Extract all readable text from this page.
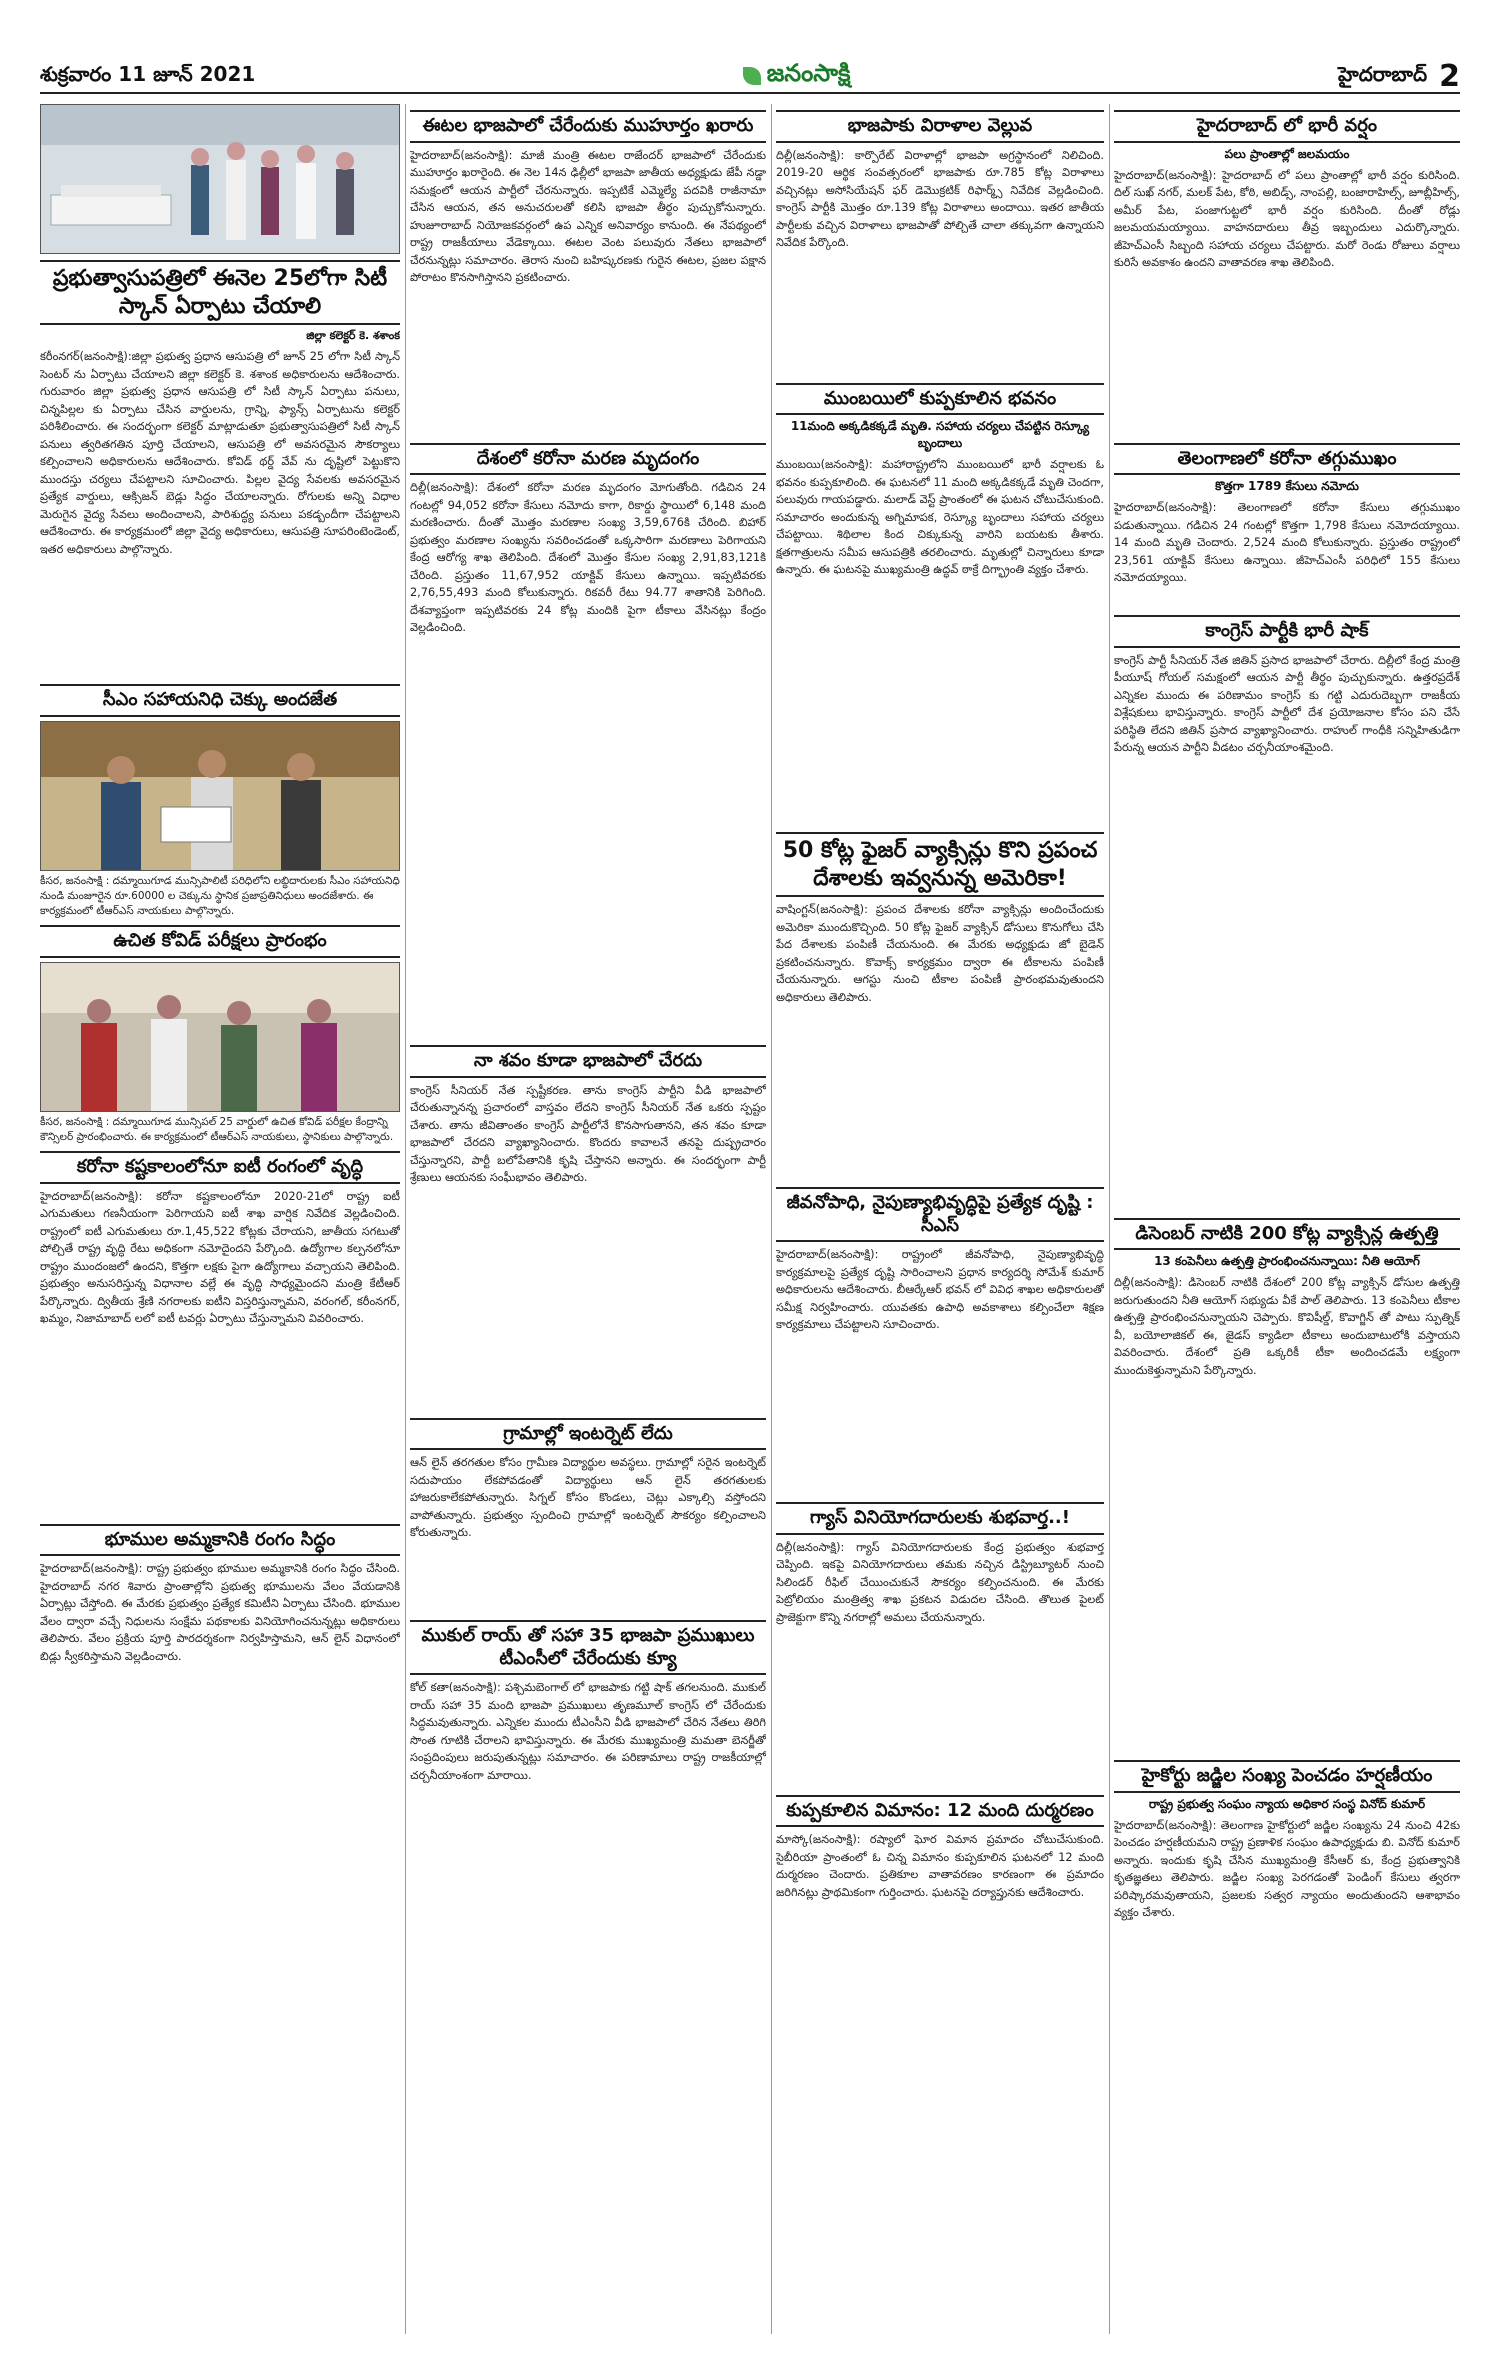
శుక్రవారం 11 జూన్ 2021	జనంసాక్షి	హైదరాబాద్ 2
ప్రభుత్వాసుపత్రిలో ఈనెల 25లోగా సిటీ స్కాన్ ఏర్పాటు చేయాలి
జిల్లా కలెక్టర్ కె. శశాంక
కరీంనగర్(జనంసాక్షి):జిల్లా ప్రభుత్వ ప్రధాన ఆసుపత్రి లో జూన్ 25 లోగా సిటీ స్కాన్ సెంటర్ ను ఏర్పాటు చేయాలని జిల్లా కలెక్టర్ కె. శశాంక అధికారులను ఆదేశించారు. గురువారం జిల్లా ప్రభుత్వ ప్రధాన ఆసుపత్రి లో సిటీ స్కాన్ ఏర్పాటు పనులు, చిన్నపిల్లల కు ఏర్పాటు చేసిన వార్డులను, గ్రాన్ని, ఫ్యాన్స్ ఏర్పాటును కలెక్టర్ పరిశీలించారు. ఈ సందర్భంగా కలెక్టర్ మాట్లాడుతూ ప్రభుత్వాసుపత్రిలో సిటీ స్కాన్ పనులు త్వరితగతిన పూర్తి చేయాలని, ఆసుపత్రి లో అవసరమైన సౌకర్యాలు కల్పించాలని అధికారులను ఆదేశించారు. కోవిడ్ థర్డ్ వేవ్ ను దృష్టిలో పెట్టుకొని ముందస్తు చర్యలు చేపట్టాలని సూచించారు. పిల్లల వైద్య సేవలకు అవసరమైన ప్రత్యేక వార్డులు, ఆక్సిజన్ బెడ్లు సిద్ధం చేయాలన్నారు. రోగులకు అన్ని విధాల మెరుగైన వైద్య సేవలు అందించాలని, పారిశుద్ధ్య పనులు పకడ్బందీగా చేపట్టాలని ఆదేశించారు. ఈ కార్యక్రమంలో జిల్లా వైద్య అధికారులు, ఆసుపత్రి సూపరింటెండెంట్, ఇతర అధికారులు పాల్గొన్నారు.
సీఎం సహాయనిధి చెక్కు అందజేత
కీసర, జనంసాక్షి : దమ్మాయిగూడ మున్సిపాలిటీ పరిధిలోని లబ్ధిదారులకు సీఎం సహాయనిధి నుండి మంజూరైన రూ.60000 ల చెక్కును స్థానిక ప్రజాప్రతినిధులు అందజేశారు. ఈ కార్యక్రమంలో టీఆర్ఎస్ నాయకులు పాల్గొన్నారు.
ఉచిత కోవిడ్ పరీక్షలు ప్రారంభం
కీసర, జనంసాక్షి : దమ్మాయిగూడ మున్సిపల్ 25 వార్డులో ఉచిత కోవిడ్ పరీక్షల కేంద్రాన్ని కౌన్సిలర్ ప్రారంభించారు. ఈ కార్యక్రమంలో టీఆర్ఎస్ నాయకులు, స్థానికులు పాల్గొన్నారు.
కరోనా కష్టకాలంలోనూ ఐటీ రంగంలో వృద్ధి
హైదరాబాద్(జనంసాక్షి): కరోనా కష్టకాలంలోనూ 2020-21లో రాష్ట్ర ఐటీ ఎగుమతులు గణనీయంగా పెరిగాయని ఐటీ శాఖ వార్షిక నివేదిక వెల్లడించింది. రాష్ట్రంలో ఐటీ ఎగుమతులు రూ.1,45,522 కోట్లకు చేరాయని, జాతీయ సగటుతో పోల్చితే రాష్ట్ర వృద్ధి రేటు అధికంగా నమోదైందని పేర్కొంది. ఉద్యోగాల కల్పనలోనూ రాష్ట్రం ముందంజలో ఉందని, కొత్తగా లక్షకు పైగా ఉద్యోగాలు వచ్చాయని తెలిపింది. ప్రభుత్వం అనుసరిస్తున్న విధానాల వల్లే ఈ వృద్ధి సాధ్యమైందని మంత్రి కేటీఆర్ పేర్కొన్నారు. ద్వితీయ శ్రేణి నగరాలకు ఐటీని విస్తరిస్తున్నామని, వరంగల్, కరీంనగర్, ఖమ్మం, నిజామాబాద్ లలో ఐటీ టవర్లు ఏర్పాటు చేస్తున్నామని వివరించారు.
భూముల అమ్మకానికి రంగం సిద్ధం
హైదరాబాద్(జనంసాక్షి): రాష్ట్ర ప్రభుత్వం భూముల అమ్మకానికి రంగం సిద్ధం చేసింది. హైదరాబాద్ నగర శివారు ప్రాంతాల్లోని ప్రభుత్వ భూములను వేలం వేయడానికి ఏర్పాట్లు చేస్తోంది. ఈ మేరకు ప్రభుత్వం ప్రత్యేక కమిటీని ఏర్పాటు చేసింది. భూముల వేలం ద్వారా వచ్చే నిధులను సంక్షేమ పథకాలకు వినియోగించనున్నట్లు అధికారులు తెలిపారు. వేలం ప్రక్రియ పూర్తి పారదర్శకంగా నిర్వహిస్తామని, ఆన్ లైన్ విధానంలో బిడ్లు స్వీకరిస్తామని వెల్లడించారు.
ఈటల భాజపాలో చేరేందుకు ముహూర్తం ఖరారు
హైదరాబాద్(జనంసాక్షి): మాజీ మంత్రి ఈటల రాజేందర్ భాజపాలో చేరేందుకు ముహూర్తం ఖరారైంది. ఈ నెల 14న ఢిల్లీలో భాజపా జాతీయ అధ్యక్షుడు జేపీ నడ్డా సమక్షంలో ఆయన పార్టీలో చేరనున్నారు. ఇప్పటికే ఎమ్మెల్యే పదవికి రాజీనామా చేసిన ఆయన, తన అనుచరులతో కలిసి భాజపా తీర్థం పుచ్చుకోనున్నారు. హుజూరాబాద్ నియోజకవర్గంలో ఉప ఎన్నిక అనివార్యం కానుంది. ఈ నేపథ్యంలో రాష్ట్ర రాజకీయాలు వేడెక్కాయి. ఈటల వెంట పలువురు నేతలు భాజపాలో చేరనున్నట్లు సమాచారం. తెరాస నుంచి బహిష్కరణకు గురైన ఈటల, ప్రజల పక్షాన పోరాటం కొనసాగిస్తానని ప్రకటించారు.
దేశంలో కరోనా మరణ మృదంగం
దిల్లీ(జనంసాక్షి): దేశంలో కరోనా మరణ మృదంగం మోగుతోంది. గడిచిన 24 గంటల్లో 94,052 కరోనా కేసులు నమోదు కాగా, రికార్డు స్థాయిలో 6,148 మంది మరణించారు. దీంతో మొత్తం మరణాల సంఖ్య 3,59,676కి చేరింది. బిహార్ ప్రభుత్వం మరణాల సంఖ్యను సవరించడంతో ఒక్కసారిగా మరణాలు పెరిగాయని కేంద్ర ఆరోగ్య శాఖ తెలిపింది. దేశంలో మొత్తం కేసుల సంఖ్య 2,91,83,121కి చేరింది. ప్రస్తుతం 11,67,952 యాక్టివ్ కేసులు ఉన్నాయి. ఇప్పటివరకు 2,76,55,493 మంది కోలుకున్నారు. రికవరీ రేటు 94.77 శాతానికి పెరిగింది. దేశవ్యాప్తంగా ఇప్పటివరకు 24 కోట్ల మందికి పైగా టీకాలు వేసినట్లు కేంద్రం వెల్లడించింది.
నా శవం కూడా భాజపాలో చేరదు
కాంగ్రెస్ సీనియర్ నేత స్పష్టీకరణ. తాను కాంగ్రెస్ పార్టీని వీడి భాజపాలో చేరుతున్నానన్న ప్రచారంలో వాస్తవం లేదని కాంగ్రెస్ సీనియర్ నేత ఒకరు స్పష్టం చేశారు. తాను జీవితాంతం కాంగ్రెస్ పార్టీలోనే కొనసాగుతానని, తన శవం కూడా భాజపాలో చేరదని వ్యాఖ్యానించారు. కొందరు కావాలనే తనపై దుష్ప్రచారం చేస్తున్నారని, పార్టీ బలోపేతానికి కృషి చేస్తానని అన్నారు. ఈ సందర్భంగా పార్టీ శ్రేణులు ఆయనకు సంఘీభావం తెలిపారు.
గ్రామాల్లో ఇంటర్నెట్ లేదు
ఆన్ లైన్ తరగతుల కోసం గ్రామీణ విద్యార్థుల అవస్థలు. గ్రామాల్లో సరైన ఇంటర్నెట్ సదుపాయం లేకపోవడంతో విద్యార్థులు ఆన్ లైన్ తరగతులకు హాజరుకాలేకపోతున్నారు. సిగ్నల్ కోసం కొండలు, చెట్లు ఎక్కాల్సి వస్తోందని వాపోతున్నారు. ప్రభుత్వం స్పందించి గ్రామాల్లో ఇంటర్నెట్ సౌకర్యం కల్పించాలని కోరుతున్నారు.
ముకుల్ రాయ్ తో సహా 35 భాజపా ప్రముఖులు టీఎంసీలో చేరేందుకు క్యూ
కోల్ కతా(జనంసాక్షి): పశ్చిమబెంగాల్ లో భాజపాకు గట్టి షాక్ తగలనుంది. ముకుల్ రాయ్ సహా 35 మంది భాజపా ప్రముఖులు తృణమూల్ కాంగ్రెస్ లో చేరేందుకు సిద్ధమవుతున్నారు. ఎన్నికల ముందు టీఎంసీని వీడి భాజపాలో చేరిన నేతలు తిరిగి సొంత గూటికి చేరాలని భావిస్తున్నారు. ఈ మేరకు ముఖ్యమంత్రి మమతా బెనర్జీతో సంప్రదింపులు జరుపుతున్నట్లు సమాచారం. ఈ పరిణామాలు రాష్ట్ర రాజకీయాల్లో చర్చనీయాంశంగా మారాయి.
భాజపాకు విరాళాల వెల్లువ
దిల్లీ(జనంసాక్షి): కార్పొరేట్ విరాళాల్లో భాజపా అగ్రస్థానంలో నిలిచింది. 2019-20 ఆర్థిక సంవత్సరంలో భాజపాకు రూ.785 కోట్ల విరాళాలు వచ్చినట్లు అసోసియేషన్ ఫర్ డెమొక్రటిక్ రిఫార్మ్స్ నివేదిక వెల్లడించింది. కాంగ్రెస్ పార్టీకి మొత్తం రూ.139 కోట్ల విరాళాలు అందాయి. ఇతర జాతీయ పార్టీలకు వచ్చిన విరాళాలు భాజపాతో పోల్చితే చాలా తక్కువగా ఉన్నాయని నివేదిక పేర్కొంది.
ముంబయిలో కుప్పకూలిన భవనం
11మంది అక్కడికక్కడే మృతి. సహాయ చర్యలు చేపట్టిన రెస్క్యూ బృందాలు
ముంబయి(జనంసాక్షి): మహారాష్ట్రలోని ముంబయిలో భారీ వర్షాలకు ఓ భవనం కుప్పకూలింది. ఈ ఘటనలో 11 మంది అక్కడికక్కడే మృతి చెందగా, పలువురు గాయపడ్డారు. మలాడ్ వెస్ట్ ప్రాంతంలో ఈ ఘటన చోటుచేసుకుంది. సమాచారం అందుకున్న అగ్నిమాపక, రెస్క్యూ బృందాలు సహాయ చర్యలు చేపట్టాయి. శిథిలాల కింద చిక్కుకున్న వారిని బయటకు తీశారు. క్షతగాత్రులను సమీప ఆసుపత్రికి తరలించారు. మృతుల్లో చిన్నారులు కూడా ఉన్నారు. ఈ ఘటనపై ముఖ్యమంత్రి ఉద్ధవ్ ఠాక్రే దిగ్భ్రాంతి వ్యక్తం చేశారు.
50 కోట్ల ఫైజర్ వ్యాక్సిన్లు కొని ప్రపంచ దేశాలకు ఇవ్వనున్న అమెరికా!
వాషింగ్టన్(జనంసాక్షి): ప్రపంచ దేశాలకు కరోనా వ్యాక్సిన్లు అందించేందుకు అమెరికా ముందుకొచ్చింది. 50 కోట్ల ఫైజర్ వ్యాక్సిన్ డోసులు కొనుగోలు చేసి పేద దేశాలకు పంపిణీ చేయనుంది. ఈ మేరకు అధ్యక్షుడు జో బైడెన్ ప్రకటించనున్నారు. కొవాక్స్ కార్యక్రమం ద్వారా ఈ టీకాలను పంపిణీ చేయనున్నారు. ఆగస్టు నుంచి టీకాల పంపిణీ ప్రారంభమవుతుందని అధికారులు తెలిపారు.
జీవనోపాధి, నైపుణ్యాభివృద్ధిపై ప్రత్యేక దృష్టి : సీఎస్
హైదరాబాద్(జనంసాక్షి): రాష్ట్రంలో జీవనోపాధి, నైపుణ్యాభివృద్ధి కార్యక్రమాలపై ప్రత్యేక దృష్టి సారించాలని ప్రధాన కార్యదర్శి సోమేశ్ కుమార్ అధికారులను ఆదేశించారు. బీఆర్కేఆర్ భవన్ లో వివిధ శాఖల అధికారులతో సమీక్ష నిర్వహించారు. యువతకు ఉపాధి అవకాశాలు కల్పించేలా శిక్షణ కార్యక్రమాలు చేపట్టాలని సూచించారు.
గ్యాస్ వినియోగదారులకు శుభవార్త..!
దిల్లీ(జనంసాక్షి): గ్యాస్ వినియోగదారులకు కేంద్ర ప్రభుత్వం శుభవార్త చెప్పింది. ఇకపై వినియోగదారులు తమకు నచ్చిన డిస్ట్రిబ్యూటర్ నుంచి సిలిండర్ రీఫిల్ చేయించుకునే సౌకర్యం కల్పించనుంది. ఈ మేరకు పెట్రోలియం మంత్రిత్వ శాఖ ప్రకటన విడుదల చేసింది. తొలుత పైలట్ ప్రాజెక్టుగా కొన్ని నగరాల్లో అమలు చేయనున్నారు.
కుప్పకూలిన విమానం: 12 మంది దుర్మరణం
మాస్కో(జనంసాక్షి): రష్యాలో ఘోర విమాన ప్రమాదం చోటుచేసుకుంది. సైబీరియా ప్రాంతంలో ఓ చిన్న విమానం కుప్పకూలిన ఘటనలో 12 మంది దుర్మరణం చెందారు. ప్రతికూల వాతావరణం కారణంగా ఈ ప్రమాదం జరిగినట్లు ప్రాథమికంగా గుర్తించారు. ఘటనపై దర్యాప్తునకు ఆదేశించారు.
హైదరాబాద్ లో భారీ వర్షం
పలు ప్రాంతాల్లో జలమయం
హైదరాబాద్(జనంసాక్షి): హైదరాబాద్ లో పలు ప్రాంతాల్లో భారీ వర్షం కురిసింది. దిల్ సుఖ్ నగర్, మలక్ పేట, కోఠి, అబిడ్స్, నాంపల్లి, బంజారాహిల్స్, జూబ్లీహిల్స్, అమీర్ పేట, పంజాగుట్టలో భారీ వర్షం కురిసింది. దీంతో రోడ్లు జలమయమయ్యాయి. వాహనదారులు తీవ్ర ఇబ్బందులు ఎదుర్కొన్నారు. జీహెచ్ఎంసీ సిబ్బంది సహాయ చర్యలు చేపట్టారు. మరో రెండు రోజులు వర్షాలు కురిసే అవకాశం ఉందని వాతావరణ శాఖ తెలిపింది.
తెలంగాణలో కరోనా తగ్గుముఖం
కొత్తగా 1789 కేసులు నమోదు
హైదరాబాద్(జనంసాక్షి): తెలంగాణలో కరోనా కేసులు తగ్గుముఖం పడుతున్నాయి. గడిచిన 24 గంటల్లో కొత్తగా 1,798 కేసులు నమోదయ్యాయి. 14 మంది మృతి చెందారు. 2,524 మంది కోలుకున్నారు. ప్రస్తుతం రాష్ట్రంలో 23,561 యాక్టివ్ కేసులు ఉన్నాయి. జీహెచ్ఎంసీ పరిధిలో 155 కేసులు నమోదయ్యాయి.
కాంగ్రెస్ పార్టీకి భారీ షాక్
కాంగ్రెస్ పార్టీ సీనియర్ నేత జితిన్ ప్రసాద భాజపాలో చేరారు. దిల్లీలో కేంద్ర మంత్రి పీయూష్ గోయల్ సమక్షంలో ఆయన పార్టీ తీర్థం పుచ్చుకున్నారు. ఉత్తరప్రదేశ్ ఎన్నికల ముందు ఈ పరిణామం కాంగ్రెస్ కు గట్టి ఎదురుదెబ్బగా రాజకీయ విశ్లేషకులు భావిస్తున్నారు. కాంగ్రెస్ పార్టీలో దేశ ప్రయోజనాల కోసం పని చేసే పరిస్థితి లేదని జితిన్ ప్రసాద వ్యాఖ్యానించారు. రాహుల్ గాంధీకి సన్నిహితుడిగా పేరున్న ఆయన పార్టీని వీడటం చర్చనీయాంశమైంది.
డిసెంబర్ నాటికి 200 కోట్ల వ్యాక్సిన్ల ఉత్పత్తి
13 కంపెనీలు ఉత్పత్తి ప్రారంభించనున్నాయి: నీతి ఆయోగ్
దిల్లీ(జనంసాక్షి): డిసెంబర్ నాటికి దేశంలో 200 కోట్ల వ్యాక్సిన్ డోసుల ఉత్పత్తి జరుగుతుందని నీతి ఆయోగ్ సభ్యుడు వీకే పాల్ తెలిపారు. 13 కంపెనీలు టీకాల ఉత్పత్తి ప్రారంభించనున్నాయని చెప్పారు. కొవిషీల్డ్, కొవాగ్జిన్ తో పాటు స్పుత్నిక్ వీ, బయోలాజికల్ ఈ, జైడస్ క్యాడిలా టీకాలు అందుబాటులోకి వస్తాయని వివరించారు. దేశంలో ప్రతి ఒక్కరికీ టీకా అందించడమే లక్ష్యంగా ముందుకెళ్తున్నామని పేర్కొన్నారు.
హైకోర్టు జడ్జిల సంఖ్య పెంచడం హర్షణీయం
రాష్ట్ర ప్రభుత్వ సంఘం న్యాయ అధికార సంస్థ వినోద్ కుమార్
హైదరాబాద్(జనంసాక్షి): తెలంగాణ హైకోర్టులో జడ్జిల సంఖ్యను 24 నుంచి 42కు పెంచడం హర్షణీయమని రాష్ట్ర ప్రణాళిక సంఘం ఉపాధ్యక్షుడు బి. వినోద్ కుమార్ అన్నారు. ఇందుకు కృషి చేసిన ముఖ్యమంత్రి కేసీఆర్ కు, కేంద్ర ప్రభుత్వానికి కృతజ్ఞతలు తెలిపారు. జడ్జిల సంఖ్య పెరగడంతో పెండింగ్ కేసులు త్వరగా పరిష్కారమవుతాయని, ప్రజలకు సత్వర న్యాయం అందుతుందని ఆశాభావం వ్యక్తం చేశారు.
